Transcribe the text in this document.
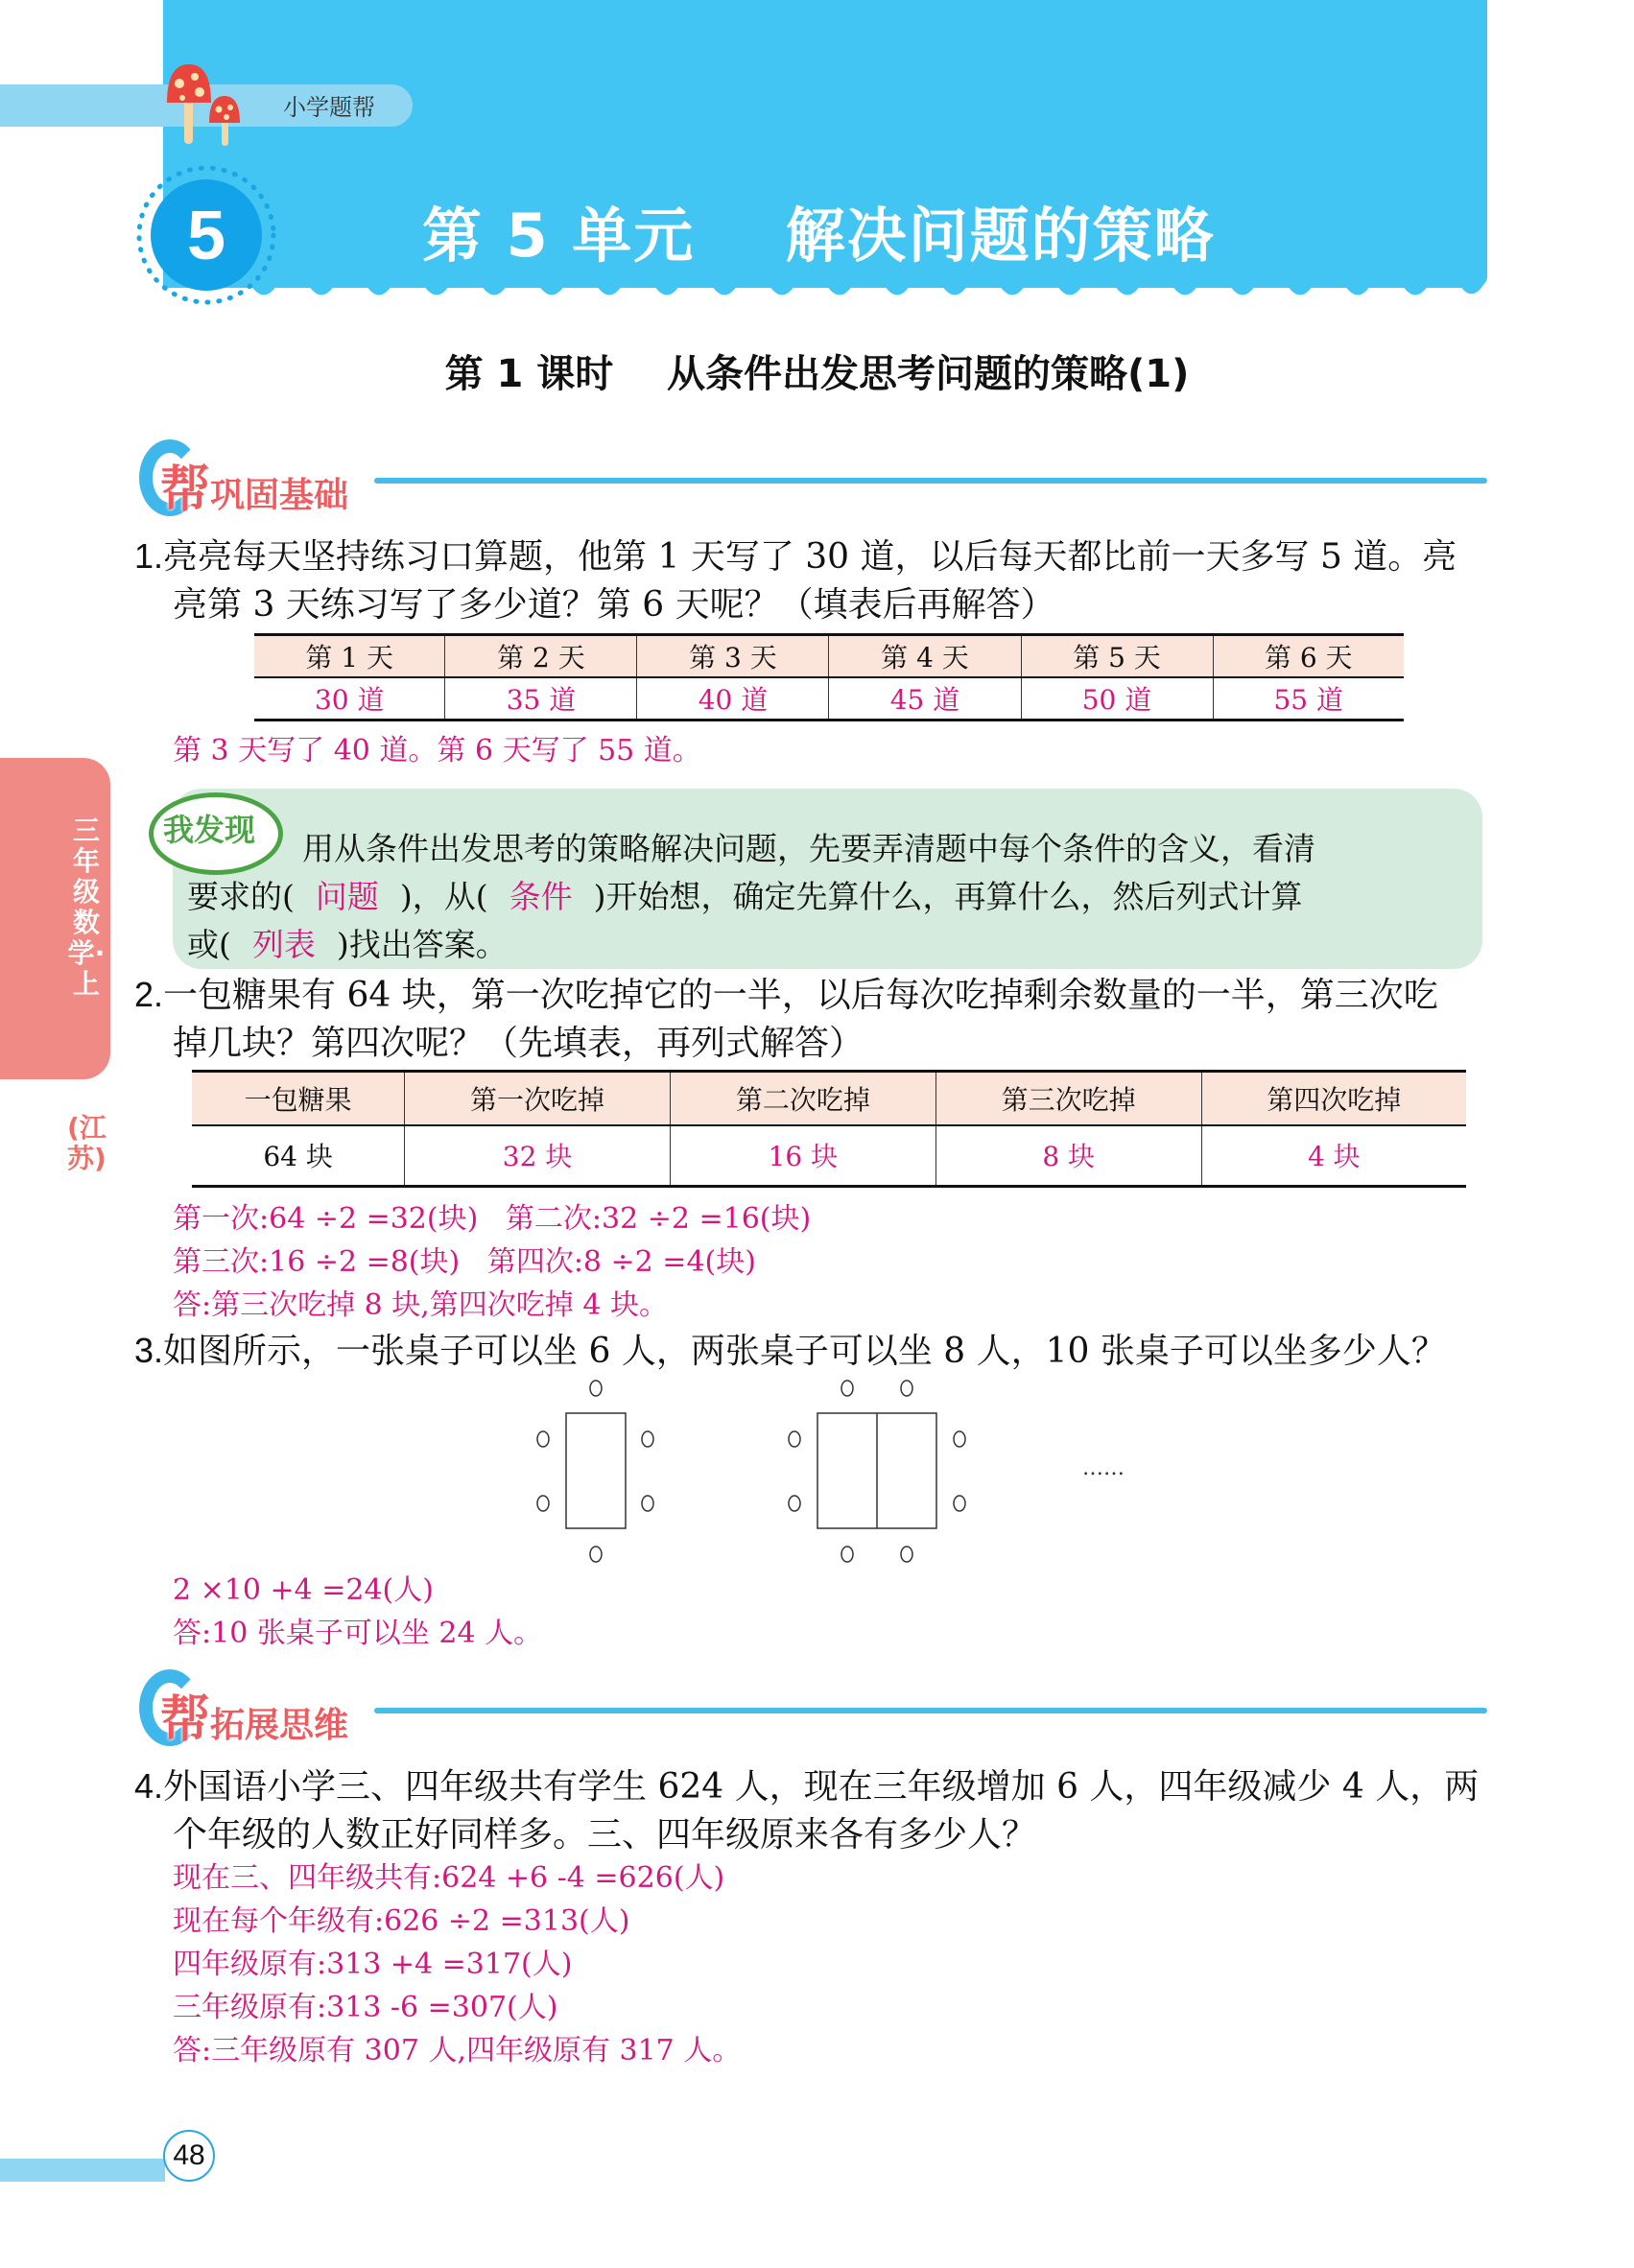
小学题帮
5	第 5 单元    解决问题的策略
第 1 课时    从条件出发思考问题的策略(1)
三年级数学·上
(江苏)
帮巩固基础
1.亮亮每天坚持练习口算题，他第 1 天写了 30 道，以后每天都比前一天多写 5 道。亮
亮第 3 天练习写了多少道？第 6 天呢？（填表后再解答）
第 1 天	第 2 天	第 3 天	第 4 天	第 5 天	第 6 天
30 道	35 道	40 道	45 道	50 道	55 道
第 3 天写了 40 道。第 6 天写了 55 道。
我发现	用从条件出发思考的策略解决问题，先要弄清题中每个条件的含义，看清
要求的( 问题 )，从( 条件 )开始想，确定先算什么，再算什么，然后列式计算
或( 列表 )找出答案。
2.一包糖果有 64 块，第一次吃掉它的一半，以后每次吃掉剩余数量的一半，第三次吃
掉几块？第四次呢？（先填表，再列式解答）
一包糖果	第一次吃掉	第二次吃掉	第三次吃掉	第四次吃掉
64 块	32 块	16 块	8 块	4 块
第一次:64 ÷2 =32(块)   第二次:32 ÷2 =16(块)
第三次:16 ÷2 =8(块)   第四次:8 ÷2 =4(块)
答:第三次吃掉 8 块,第四次吃掉 4 块。
3.如图所示，一张桌子可以坐 6 人，两张桌子可以坐 8 人，10 张桌子可以坐多少人？
……
2 ×10 +4 =24(人)
答:10 张桌子可以坐 24 人。
帮拓展思维
4.外国语小学三、四年级共有学生 624 人，现在三年级增加 6 人，四年级减少 4 人，两
个年级的人数正好同样多。三、四年级原来各有多少人？
现在三、四年级共有:624 +6 -4 =626(人)
现在每个年级有:626 ÷2 =313(人)
四年级原有:313 +4 =317(人)
三年级原有:313 -6 =307(人)
答:三年级原有 307 人,四年级原有 317 人。
48
